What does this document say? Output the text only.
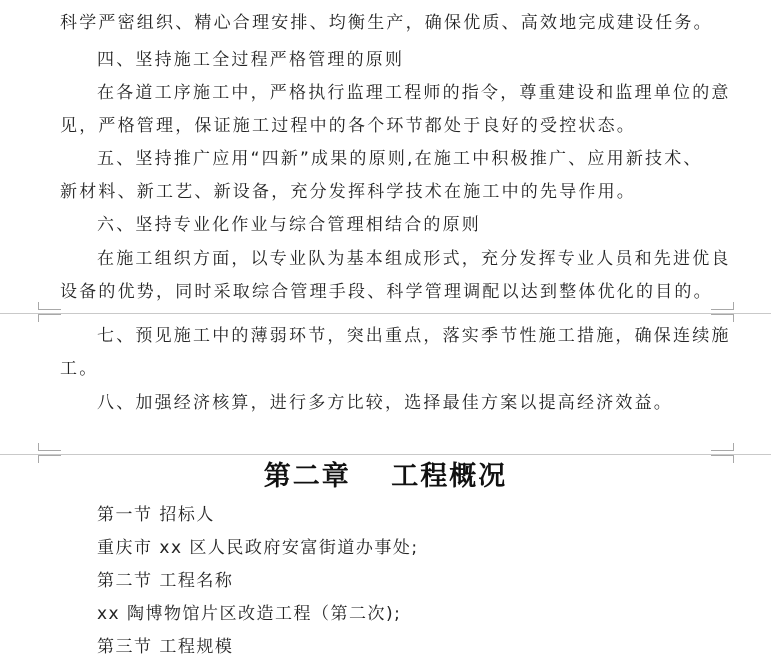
科学严密组织、精心合理安排、均衡生产，确保优质、高效地完成建设任务。
四、坚持施工全过程严格管理的原则
在各道工序施工中，严格执行监理工程师的指令，尊重建设和监理单位的意
见，严格管理，保证施工过程中的各个环节都处于良好的受控状态。
五、坚持推广应用“四新”成果的原则,在施工中积极推广、应用新技术、
新材料、新工艺、新设备，充分发挥科学技术在施工中的先导作用。
六、坚持专业化作业与综合管理相结合的原则
在施工组织方面，以专业队为基本组成形式，充分发挥专业人员和先进优良
设备的优势，同时采取综合管理手段、科学管理调配以达到整体优化的目的。
七、预见施工中的薄弱环节，突出重点，落实季节性施工措施，确保连续施
工。
八、加强经济核算，进行多方比较，选择最佳方案以提高经济效益。
第二章　 工程概况
第一节 招标人
重庆市 xx 区人民政府安富街道办事处;
第二节 工程名称
xx 陶博物馆片区改造工程（第二次);
第三节 工程规模
